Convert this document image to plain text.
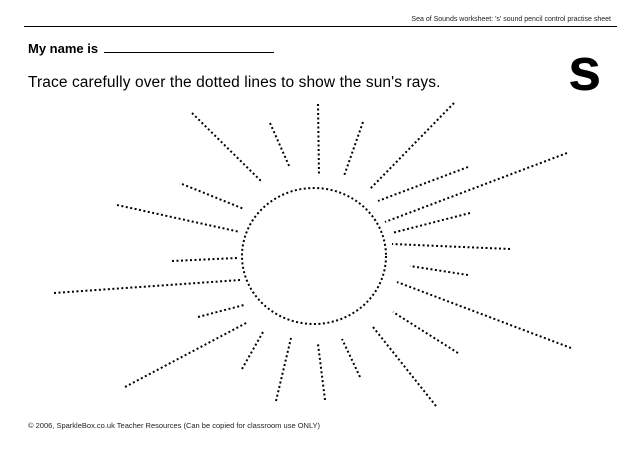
Sea of Sounds worksheet: 's' sound pencil control practise sheet
My name is
Trace carefully over the dotted lines to show the sun's rays. s
© 2006, SparkleBox.co.uk Teacher Resources (Can be copied for classroom use ONLY)
